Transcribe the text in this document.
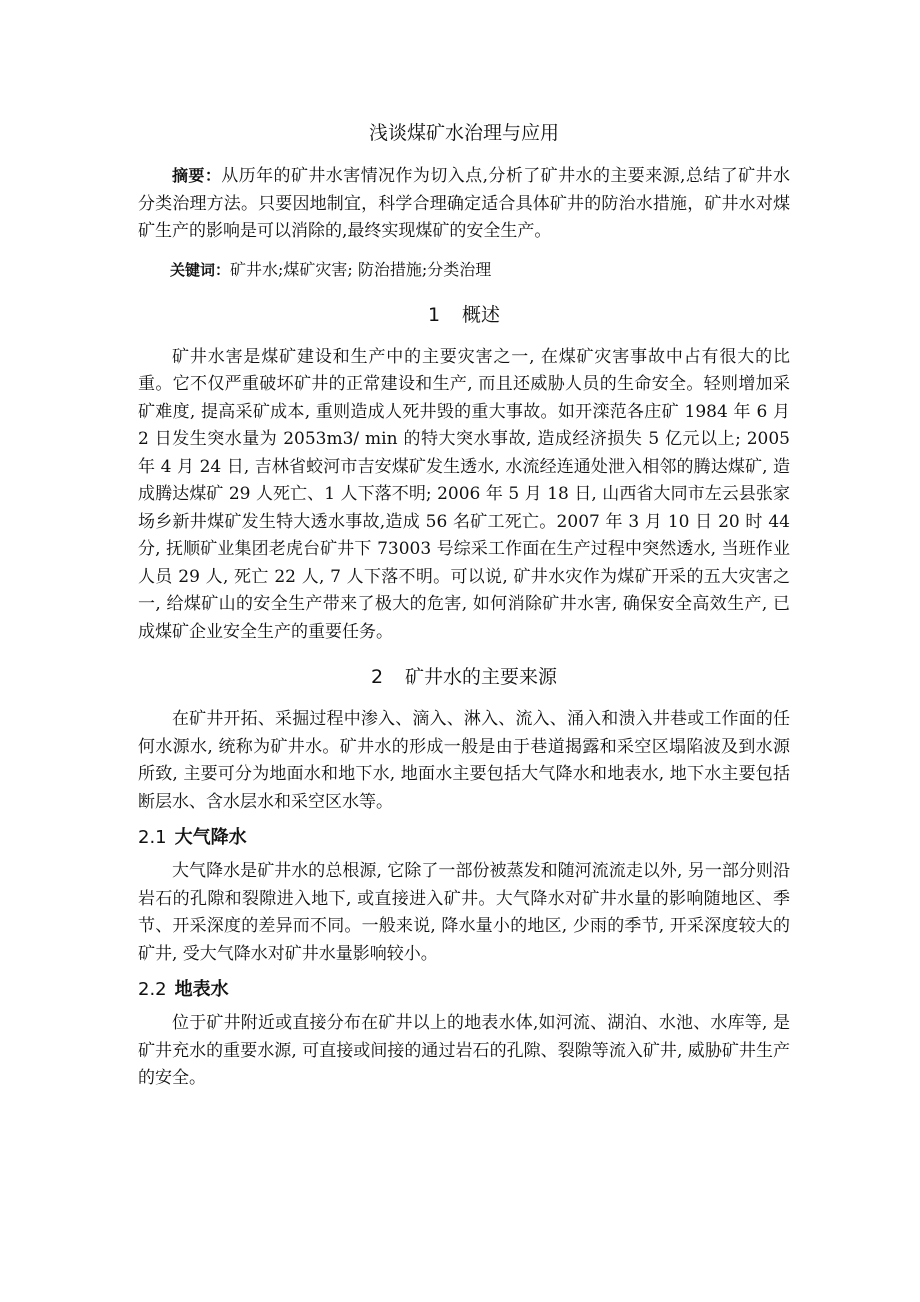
浅谈煤矿水治理与应用

摘要：从历年的矿井水害情况作为切入点,分析了矿井水的主要来源,总结了矿井水分类治理方法。只要因地制宜，科学合理确定适合具体矿井的防治水措施，矿井水对煤矿生产的影响是可以消除的,最终实现煤矿的安全生产。

关键词：矿井水;煤矿灾害; 防治措施;分类治理

1 概述

矿井水害是煤矿建设和生产中的主要灾害之一, 在煤矿灾害事故中占有很大的比重。它不仅严重破坏矿井的正常建设和生产, 而且还威胁人员的生命安全。轻则增加采矿难度, 提高采矿成本, 重则造成人死井毁的重大事故。如开滦范各庄矿 1984 年 6 月 2 日发生突水量为 2053m3/ min 的特大突水事故, 造成经济损失 5 亿元以上; 2005 年 4 月 24 日, 吉林省蛟河市吉安煤矿发生透水, 水流经连通处泄入相邻的腾达煤矿, 造成腾达煤矿 29 人死亡、1 人下落不明; 2006 年 5 月 18 日, 山西省大同市左云县张家场乡新井煤矿发生特大透水事故,造成 56 名矿工死亡。2007 年 3 月 10 日 20 时 44 分, 抚顺矿业集团老虎台矿井下 73003 号综采工作面在生产过程中突然透水, 当班作业人员 29 人, 死亡 22 人, 7 人下落不明。可以说, 矿井水灾作为煤矿开采的五大灾害之一, 给煤矿山的安全生产带来了极大的危害, 如何消除矿井水害, 确保安全高效生产, 已成煤矿企业安全生产的重要任务。

2 矿井水的主要来源

在矿井开拓、采掘过程中渗入、滴入、淋入、流入、涌入和溃入井巷或工作面的任何水源水, 统称为矿井水。矿井水的形成一般是由于巷道揭露和采空区塌陷波及到水源所致, 主要可分为地面水和地下水, 地面水主要包括大气降水和地表水, 地下水主要包括断层水、含水层水和采空区水等。

2.1 大气降水

大气降水是矿井水的总根源, 它除了一部份被蒸发和随河流流走以外, 另一部分则沿岩石的孔隙和裂隙进入地下, 或直接进入矿井。大气降水对矿井水量的影响随地区、季节、开采深度的差异而不同。一般来说, 降水量小的地区, 少雨的季节, 开采深度较大的矿井, 受大气降水对矿井水量影响较小。

2.2 地表水

位于矿井附近或直接分布在矿井以上的地表水体,如河流、湖泊、水池、水库等, 是矿井充水的重要水源, 可直接或间接的通过岩石的孔隙、裂隙等流入矿井, 威胁矿井生产的安全。
